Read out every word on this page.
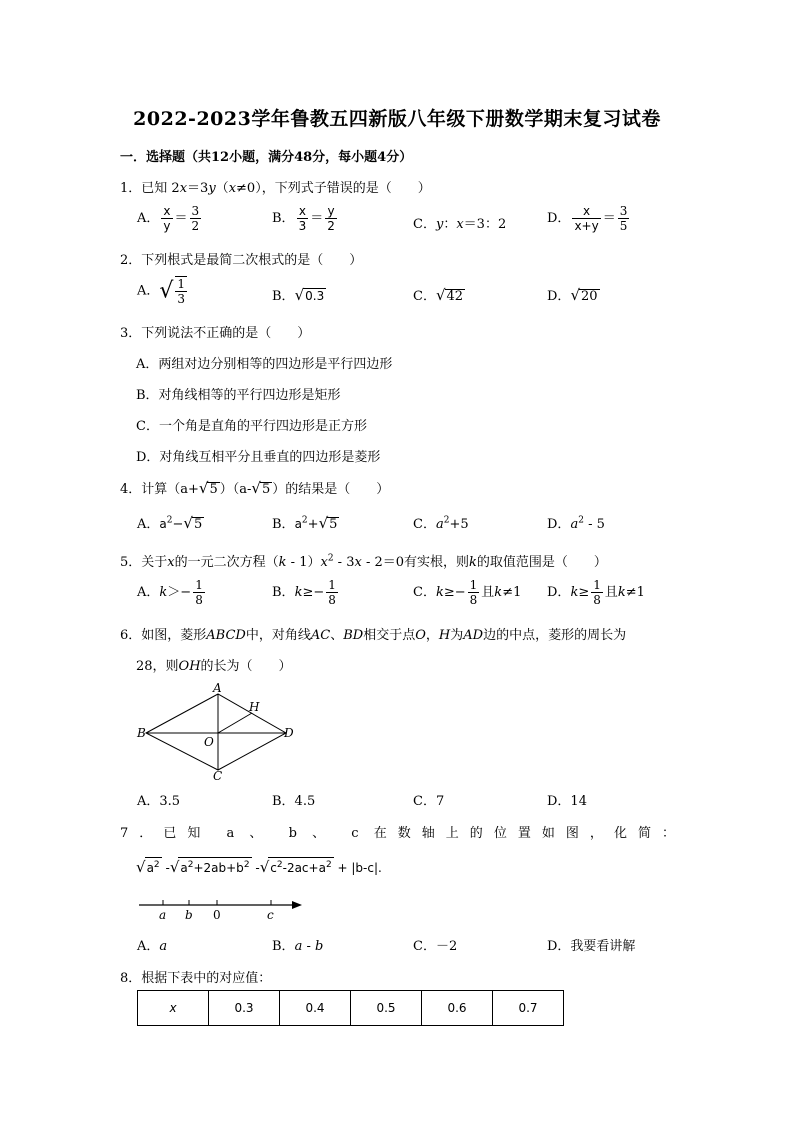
2022-2023学年鲁教五四新版八年级下册数学期末复习试卷
一．选择题（共12小题，满分48分，每小题4分）
1．已知 2x＝3y（x≠0），下列式子错误的是（　　）
A． $\frac{x}{y} = \frac{3}{2}$	B． $\frac{x}{3} = \frac{y}{2}$	C．y：x＝3：2	D． $\frac{x}{x+y} = \frac{3}{5}$
2．下列根式是最简二次根式的是（　　）
A．√ $\frac{1}{3}$	B．√0.3	C．√42	D．√20
3．下列说法不正确的是（　　）
A．两组对边分别相等的四边形是平行四边形
B．对角线相等的平行四边形是矩形
C．一个角是直角的平行四边形是正方形
D．对角线互相平分且垂直的四边形是菱形
4．计算（a+√5 ）（a-√5 ）的结果是（　　）
A．$a^2-√5$	B．$a^2+√5$	C．$a^2+5$	D．$a^2 - 5$
5．关于x的一元二次方程$(k - 1)x^2 - 3x - 2=0$有实根，则k的取值范围是（　　）
A．$k>- \frac{1}{8}$	B．$k\ge- \frac{1}{8}$	C．$k\ge- \frac{1}{8}$ 且k≠1 D．$k\ge \frac{1}{8}$ 且k≠1
6．如图，菱形ABCD中，对角线AC、BD相交于点O，H为AD边的中点，菱形的周长为
28，则OH的长为（　　）
A
B
C
D
O
H
A．3.5	B．4.5	C．7	D．14
7．已知 a 、 b 、 c 在数轴上的位置如图，化简：
$√a^2$ $-√a^2+2ab+b^2$ $-√c^2-2ac+a^2 + |b-c|$.
a b 0	c
A．a	B．a - b	C．－2	D．我要看讲解
8．根据下表中的对应值：
x	0.3	0.4	0.5	0.6	0.7
